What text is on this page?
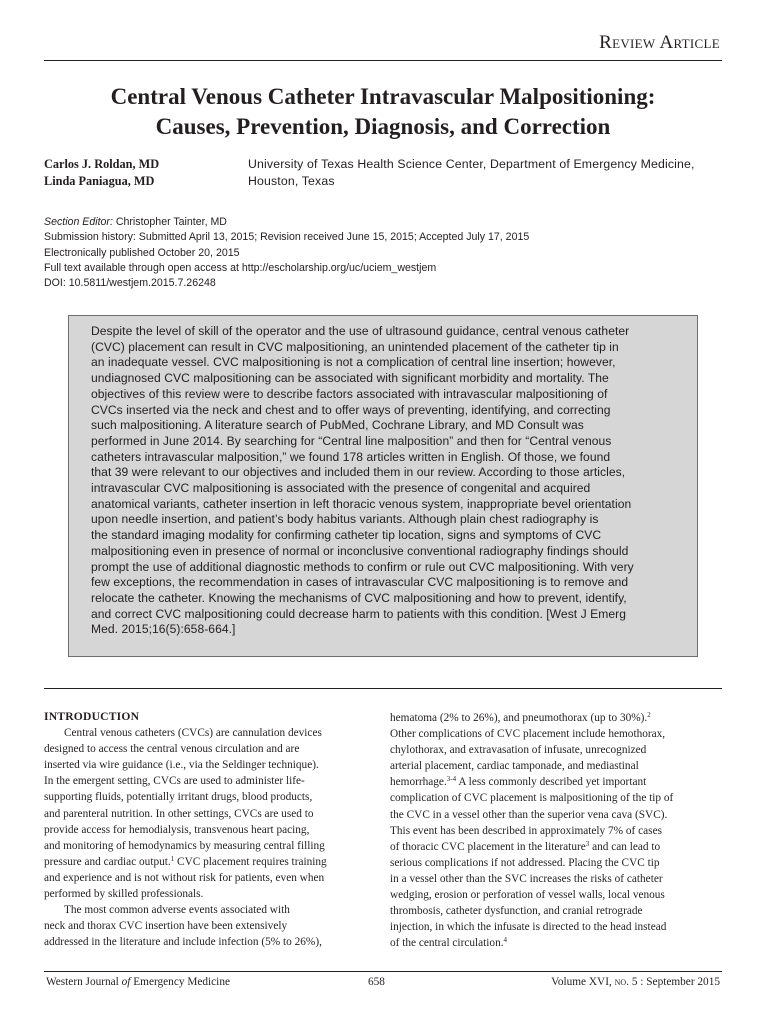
Review Article
Central Venous Catheter Intravascular Malpositioning:
Causes, Prevention, Diagnosis, and Correction
Carlos J. Roldan, MD
Linda Paniagua, MD
University of Texas Health Science Center, Department of Emergency Medicine,
Houston, Texas
Section Editor: Christopher Tainter, MD
Submission history: Submitted April 13, 2015; Revision received June 15, 2015; Accepted July 17, 2015
Electronically published October 20, 2015
Full text available through open access at http://escholarship.org/uc/uciem_westjem
DOI: 10.5811/westjem.2015.7.26248

Despite the level of skill of the operator and the use of ultrasound guidance, central venous catheter
(CVC) placement can result in CVC malpositioning, an unintended placement of the catheter tip in
an inadequate vessel. CVC malpositioning is not a complication of central line insertion; however,
undiagnosed CVC malpositioning can be associated with significant morbidity and mortality. The
objectives of this review were to describe factors associated with intravascular malpositioning of
CVCs inserted via the neck and chest and to offer ways of preventing, identifying, and correcting
such malpositioning. A literature search of PubMed, Cochrane Library, and MD Consult was
performed in June 2014. By searching for “Central line malposition” and then for “Central venous
catheters intravascular malposition,” we found 178 articles written in English. Of those, we found
that 39 were relevant to our objectives and included them in our review. According to those articles,
intravascular CVC malpositioning is associated with the presence of congenital and acquired
anatomical variants, catheter insertion in left thoracic venous system, inappropriate bevel orientation
upon needle insertion, and patient’s body habitus variants. Although plain chest radiography is
the standard imaging modality for confirming catheter tip location, signs and symptoms of CVC
malpositioning even in presence of normal or inconclusive conventional radiography findings should
prompt the use of additional diagnostic methods to confirm or rule out CVC malpositioning. With very
few exceptions, the recommendation in cases of intravascular CVC malpositioning is to remove and
relocate the catheter. Knowing the mechanisms of CVC malpositioning and how to prevent, identify,
and correct CVC malpositioning could decrease harm to patients with this condition. [West J Emerg
Med. 2015;16(5):658-664.]

INTRODUCTION

Central venous catheters (CVCs) are cannulation devices
designed to access the central venous circulation and are
inserted via wire guidance (i.e., via the Seldinger technique).
In the emergent setting, CVCs are used to administer life-
supporting fluids, potentially irritant drugs, blood products,
and parenteral nutrition. In other settings, CVCs are used to
provide access for hemodialysis, transvenous heart pacing,
and monitoring of hemodynamics by measuring central filling
pressure and cardiac output.$^1$ CVC placement requires training
and experience and is not without risk for patients, even when
performed by skilled professionals.
The most common adverse events associated with
neck and thorax CVC insertion have been extensively
addressed in the literature and include infection (5% to 26%),

hematoma (2% to 26%), and pneumothorax (up to 30%).$^2$
Other complications of CVC placement include hemothorax,
chylothorax, and extravasation of infusate, unrecognized
arterial placement, cardiac tamponade, and mediastinal
hemorrhage.$^{3-4}$ A less commonly described yet important
complication of CVC placement is malpositioning of the tip of
the CVC in a vessel other than the superior vena cava (SVC).
This event has been described in approximately 7% of cases
of thoracic CVC placement in the literature$^3$ and can lead to
serious complications if not addressed. Placing the CVC tip
in a vessel other than the SVC increases the risks of catheter
wedging, erosion or perforation of vessel walls, local venous
thrombosis, catheter dysfunction, and cranial retrograde
injection, in which the infusate is directed to the head instead
of the central circulation.$^4$

Western Journal of Emergency Medicine	658	Volume XVI, no. 5 : September 2015
